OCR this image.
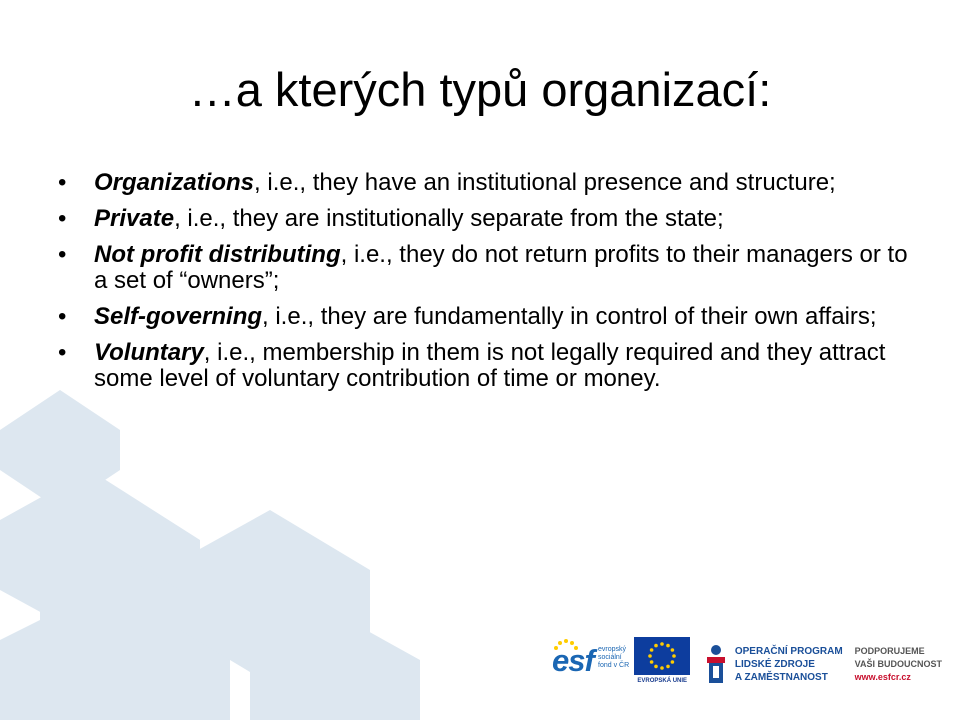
…a kterých typů organizací:
• Organizations, i.e., they have an institutional presence and structure;
• Private, i.e., they are institutionally separate from the state;
• Not profit distributing, i.e., they do not return profits to their managers or to a set of “owners”;
• Self-governing, i.e., they are fundamentally in control of their own affairs;
• Voluntary, i.e., membership in them is not legally required and they attract some level of voluntary contribution of time or money.
esf evropský
sociální
fond v ČR
EVROPSKÁ UNIE
OPERAČNÍ PROGRAM
LIDSKÉ ZDROJE
A ZAMĚSTNANOST
PODPORUJEME
VAŠI BUDOUCNOST
www.esfcr.cz
